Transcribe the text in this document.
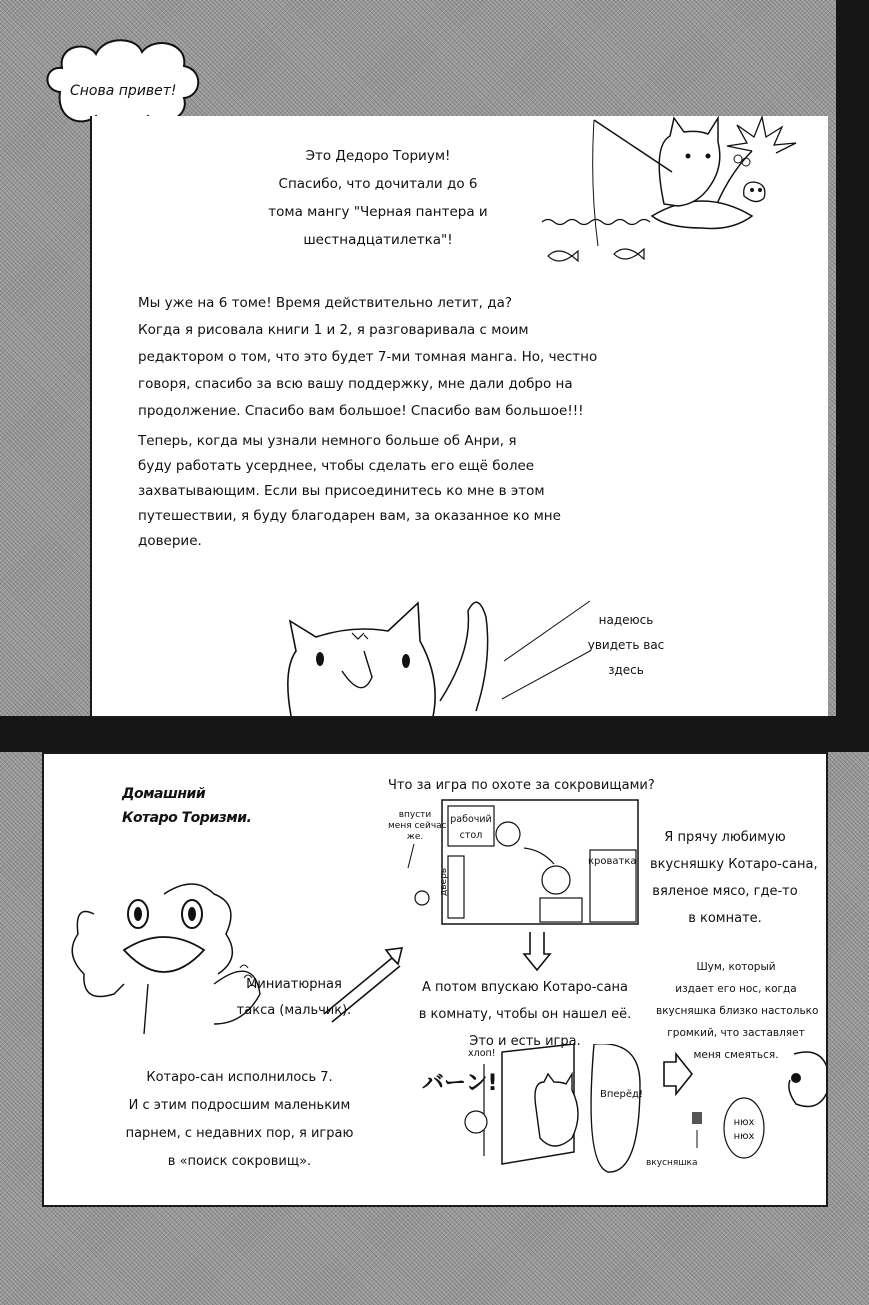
Снова привет!
Это Дедоро Ториум!
Спасибо, что дочитали до 6
тома мангу "Черная пантера и
шестнадцатилетка"!
Мы уже на 6 томе! Время действительно летит, да?
Когда я рисовала книги 1 и 2, я разговаривала с моим
редактором о том, что это будет 7-ми томная манга. Но, честно
говоря, спасибо за всю вашу поддержку, мне дали добро на
продолжение. Спасибо вам большое! Спасибо вам большое!!!
Теперь, когда мы узнали немного больше об Анри, я
буду работать усерднее, чтобы сделать его ещё более
захватывающим. Если вы присоединитесь ко мне в этом
путешествии, я буду благодарен вам, за оказанное ко мне
доверие.
надеюсь
увидеть вас
здесь
Домашний
Котаро Торизми.
Что за игра по охоте за сокровищами?
впусти
меня сейчас
же.
рабочий
стол
дверь
кроватка
Я прячу любимую
вкусняшку Котаро-сана,
вяленое мясо, где-то
в комнате.
Миниатюрная
такса (мальчик).
А потом впускаю Котаро-сана
в комнату, чтобы он нашел её.
Это и есть игра.
Шум, который
издает его нос, когда
вкусняшка близко настолько
громкий, что заставляет
меня смеяться.
Котаро-сан исполнилось 7.
И с этим подросшим маленьким
парнем, с недавних пор, я играю
в «поиск сокровищ».
хлоп!
バーン!	Вперёд!
нюх
нюх
вкусняшка
